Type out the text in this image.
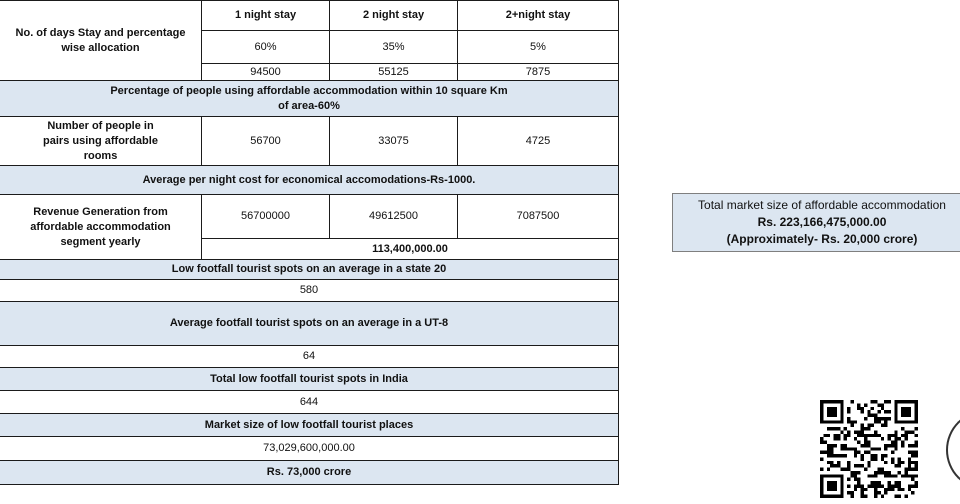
No. of days Stay and percentage wise allocation
1 night stay	2 night stay	2+night stay
60%	35%	5%
94500	55125	7875
Percentage of people using affordable accommodation within 10 square Km of area-60%
Number of people in pairs using affordable rooms
56700	33075	4725
Average per night cost for economical accomodations-Rs-1000.
Revenue Generation from affordable accommodation segment yearly
56700000	49612500	7087500
113,400,000.00
Low footfall tourist spots on an average in a state 20
580
Average footfall tourist spots on an average in a UT-8
64
Total low footfall tourist spots in India
644
Market size of low footfall tourist places
73,029,600,000.00
Rs. 73,000 crore
Total market size of affordable accommodation
Rs. 223,166,475,000.00
(Approximately- Rs. 20,000 crore)
